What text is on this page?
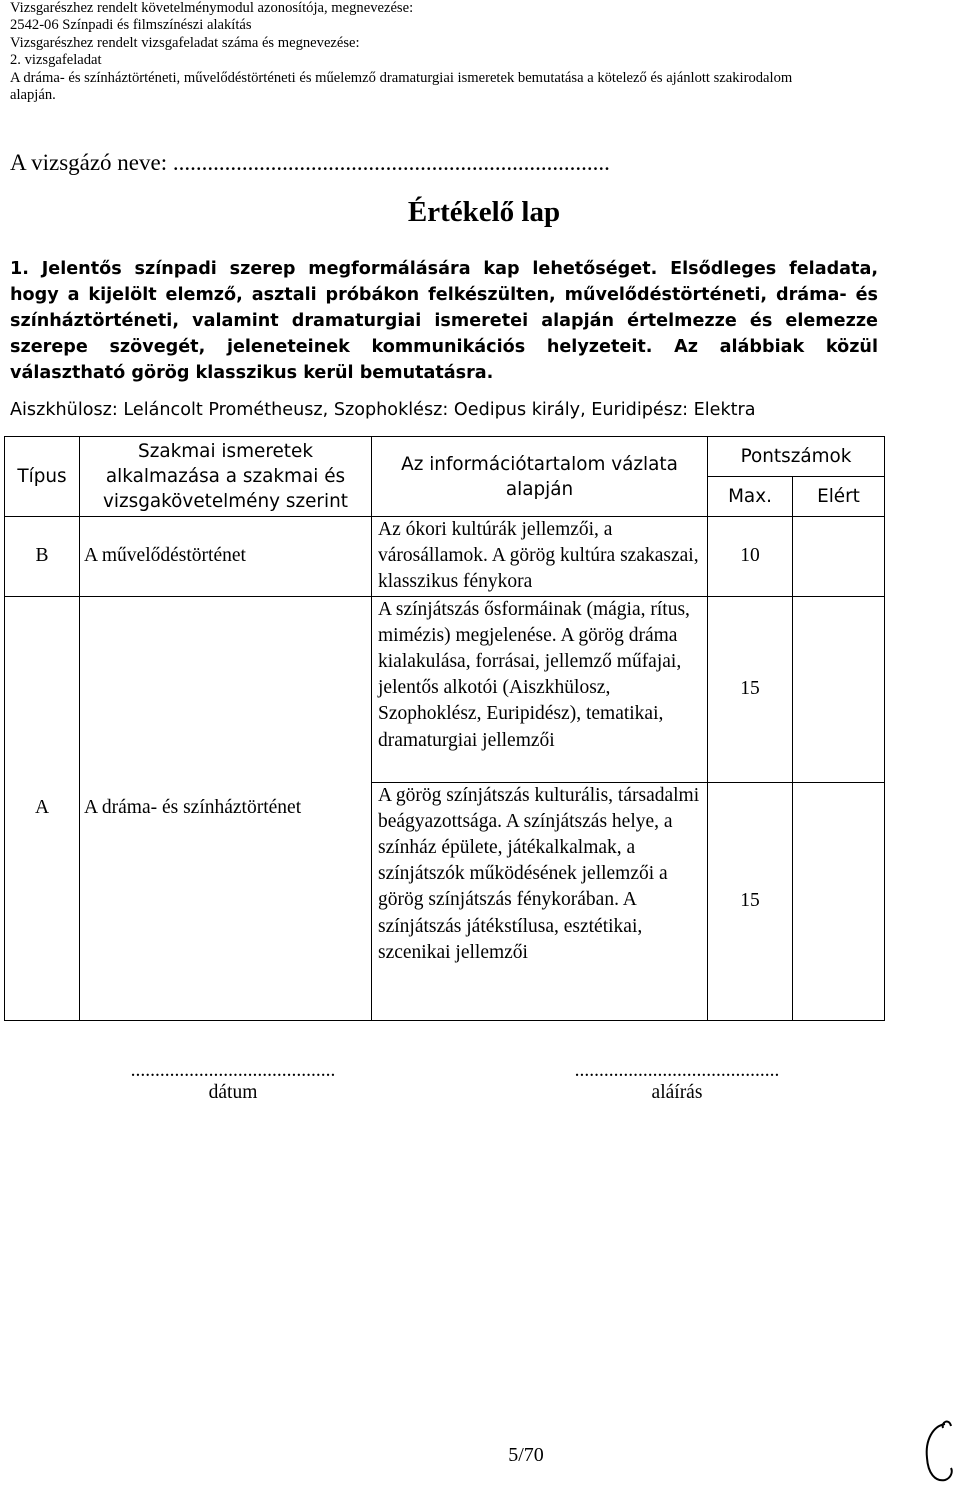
Vizsgarészhez rendelt követelménymodul azonosítója, megnevezése:
2542-06 Színpadi és filmszínészi alakítás
Vizsgarészhez rendelt vizsgafeladat száma és megnevezése:
2. vizsgafeladat
A dráma- és színháztörténeti, művelődéstörténeti és műelemző dramaturgiai ismeretek bemutatása a kötelező és ajánlott szakirodalom
alapján.
A vizsgázó neve: ............................................................................
Értékelő lap
1. Jelentős színpadi szerep megformálására kap lehetőséget. Elsődleges feladata, hogy a kijelölt elemző, asztali próbákon felkészülten, művelődéstörténeti, dráma- és színháztörténeti, valamint dramaturgiai ismeretei alapján értelmezze és elemezze szerepe szövegét, jeleneteinek kommunikációs helyzeteit. Az alábbiak közül választható görög klasszikus kerül bemutatásra.
Aiszkhülosz: Leláncolt Prométheusz, Szophoklész: Oedipus király, Euridipész: Elektra
Típus	Szakmai ismeretek alkalmazása a szakmai és vizsgakövetelmény szerint	Az információtartalom vázlata alapján	Pontszámok	
			Max.	Elért
B	A művelődéstörténet	Az ókori kultúrák jellemzői, a városállamok. A görög kultúra szakaszai, klasszikus fénykora	10	
A	A dráma- és színháztörténet	A színjátszás ősformáinak (mágia, rítus, mimézis) megjelenése. A görög dráma kialakulása, forrásai, jellemző műfajai, jelentős alkotói (Aiszkhülosz, Szophoklész, Euripidész), tematikai, dramaturgiai jellemzői	15	
		A görög színjátszás kulturális, társadalmi beágyazottsága. A színjátszás helye, a színház épülete, játékalkalmak, a színjátszók működésének jellemzői a görög színjátszás fénykorában. A színjátszás játékstílusa, esztétikai, szcenikai jellemzői	15	
..........................................
dátum
..........................................
aláírás
5/70
